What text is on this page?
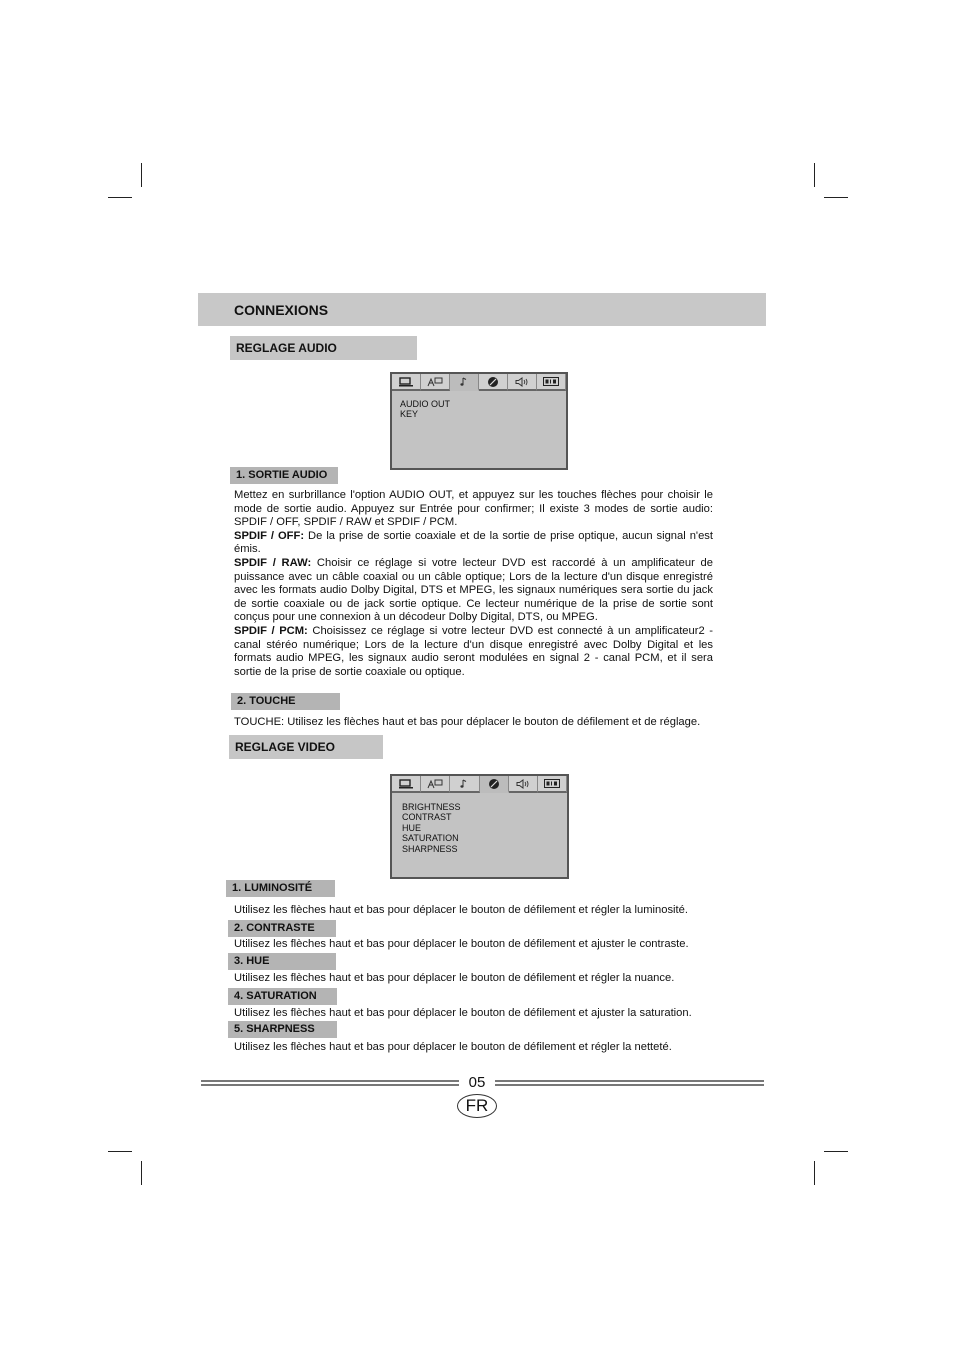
CONNEXIONS
REGLAGE AUDIO
AUDIO OUT
KEY
1. SORTIE AUDIO
Mettez en surbrillance l'option AUDIO OUT, et appuyez sur les touches flèches pour choisir le mode de sortie audio. Appuyez sur Entrée pour confirmer; Il existe 3 modes de sortie audio: SPDIF / OFF, SPDIF / RAW et SPDIF / PCM.
SPDIF / OFF: De la prise de sortie coaxiale et de la sortie de prise optique, aucun signal n'est émis.
SPDIF / RAW: Choisir ce réglage si votre lecteur DVD est raccordé à un amplificateur de puissance avec un câble coaxial ou un câble optique; Lors de la lecture d'un disque enregistré avec les formats audio Dolby Digital, DTS et MPEG, les signaux numériques sera sortie du jack de sortie coaxiale ou de jack sortie optique. Ce lecteur numérique de la prise de sortie sont conçus pour une connexion à un décodeur Dolby Digital, DTS, ou MPEG.
SPDIF / PCM: Choisissez ce réglage si votre lecteur DVD est connecté à un amplificateur2 - canal stéréo numérique; Lors de la lecture d'un disque enregistré avec Dolby Digital et les formats audio MPEG, les signaux audio seront modulées en signal 2 - canal PCM, et il sera sortie de la prise de sortie coaxiale ou optique.
2. TOUCHE
TOUCHE: Utilisez les flèches haut et bas pour déplacer le bouton de défilement et de réglage.
REGLAGE VIDEO
BRIGHTNESS
CONTRAST
HUE
SATURATION
SHARPNESS
1. LUMINOSITÉ
Utilisez les flèches haut et bas pour déplacer le bouton de défilement et régler la luminosité.
2. CONTRASTE
Utilisez les flèches haut et bas pour déplacer le bouton de défilement et ajuster le contraste.
3. HUE
Utilisez les flèches haut et bas pour déplacer le bouton de défilement et régler la nuance.
4. SATURATION
Utilisez les flèches haut et bas pour déplacer le bouton de défilement et ajuster la saturation.
5. SHARPNESS
Utilisez les flèches haut et bas pour déplacer le bouton de défilement et régler la netteté.
05
FR
